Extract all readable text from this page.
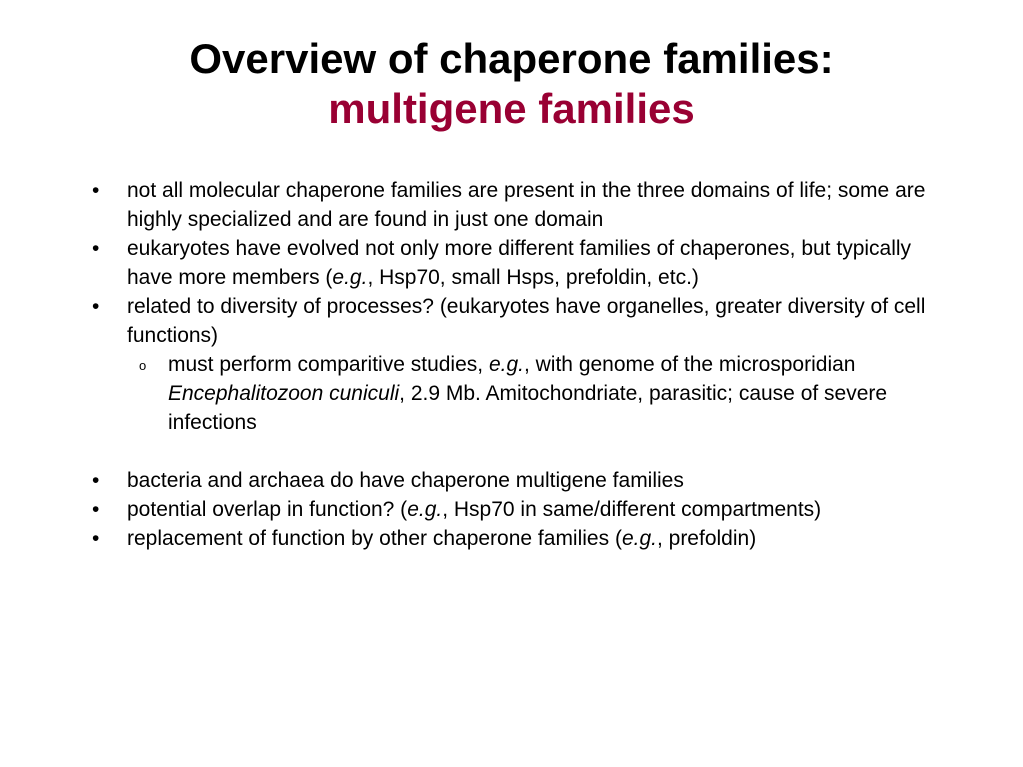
Overview of chaperone families:
multigene families
• not all molecular chaperone families are present in the three domains of life; some are highly specialized and are found in just one domain
• eukaryotes have evolved not only more different families of chaperones, but typically have more members (e.g., Hsp70, small Hsps, prefoldin, etc.)
• related to diversity of processes? (eukaryotes have organelles, greater diversity of cell functions)
o must perform comparitive studies, e.g., with genome of the microsporidian Encephalitozoon cuniculi, 2.9 Mb. Amitochondriate, parasitic; cause of severe infections
• bacteria and archaea do have chaperone multigene families
• potential overlap in function? (e.g., Hsp70 in same/different compartments)
• replacement of function by other chaperone families (e.g., prefoldin)
